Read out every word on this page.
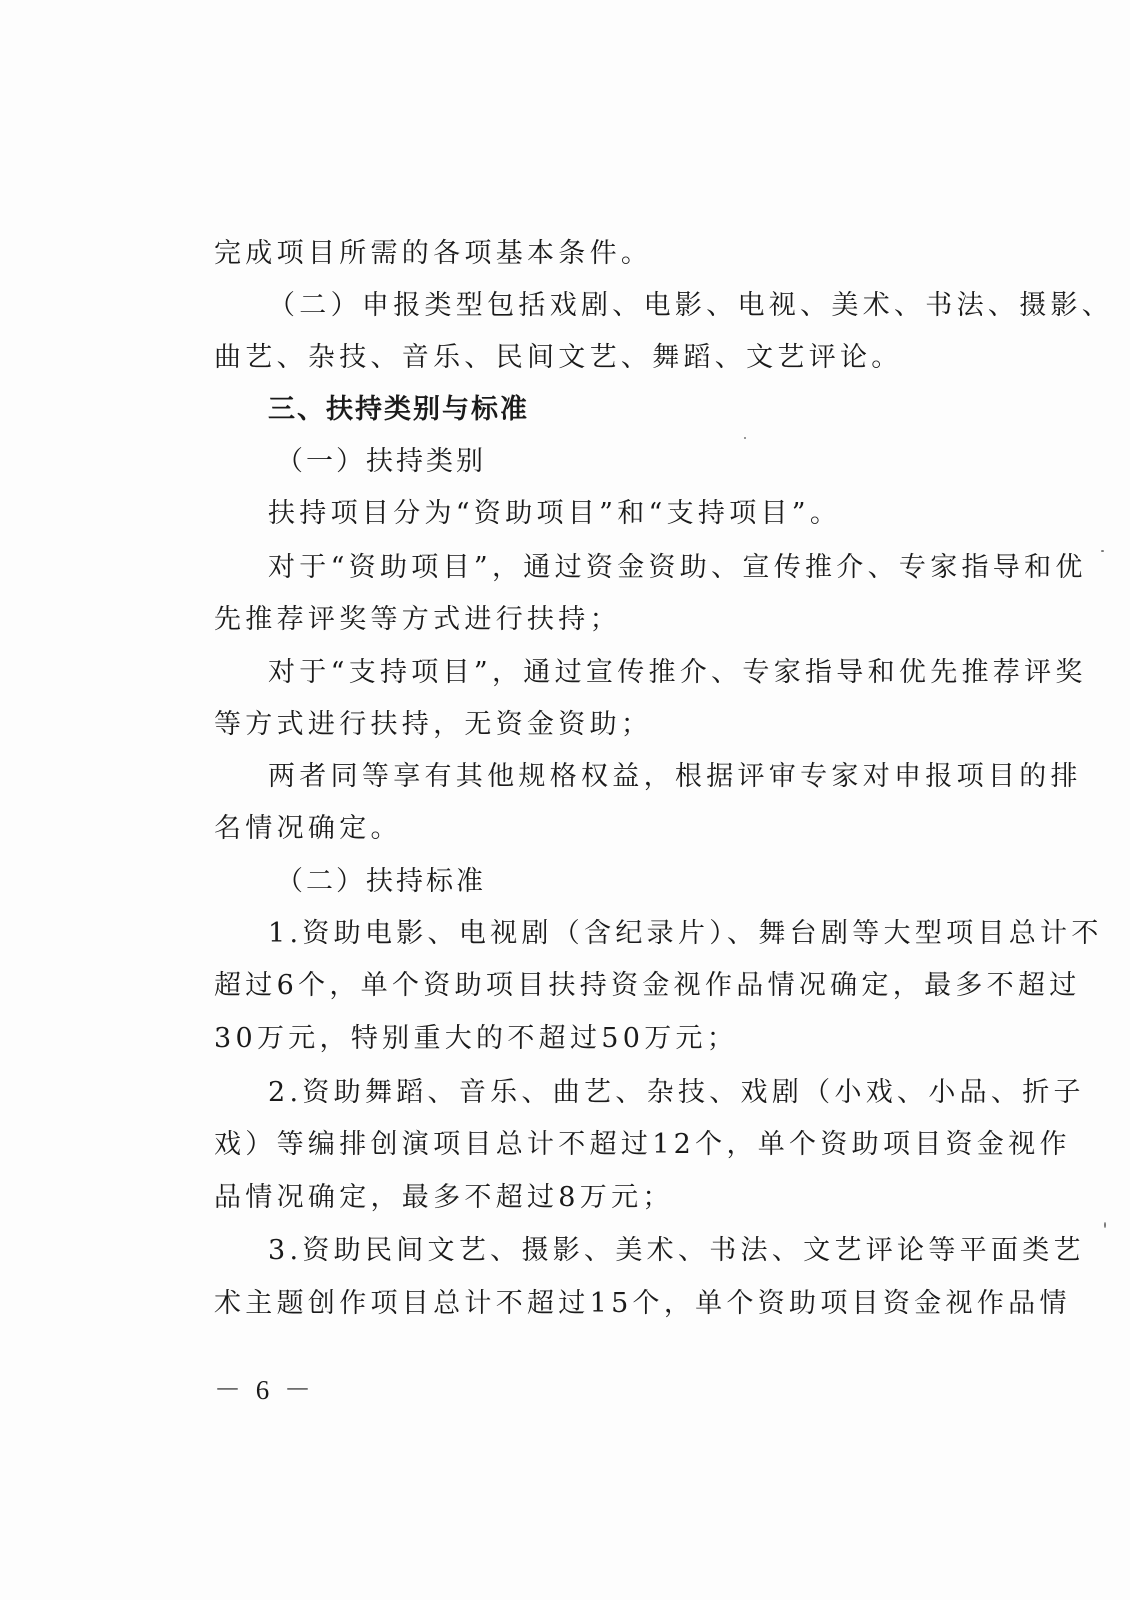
完成项目所需的各项基本条件。
（二）申报类型包括戏剧、电影、电视、美术、书法、摄影、
曲艺、杂技、音乐、民间文艺、舞蹈、文艺评论。
三、扶持类别与标准
（一）扶持类别
扶持项目分为“资助项目”和“支持项目”。
对于“资助项目”，通过资金资助、宣传推介、专家指导和优
先推荐评奖等方式进行扶持；
对于“支持项目”，通过宣传推介、专家指导和优先推荐评奖
等方式进行扶持，无资金资助；
两者同等享有其他规格权益，根据评审专家对申报项目的排
名情况确定。
（二）扶持标准
1.资助电影、电视剧（含纪录片）、舞台剧等大型项目总计不
超过6个，单个资助项目扶持资金视作品情况确定，最多不超过
30万元，特别重大的不超过50万元；
2.资助舞蹈、音乐、曲艺、杂技、戏剧（小戏、小品、折子
戏）等编排创演项目总计不超过12个，单个资助项目资金视作
品情况确定，最多不超过8万元；
3.资助民间文艺、摄影、美术、书法、文艺评论等平面类艺
术主题创作项目总计不超过15个，单个资助项目资金视作品情
－ 6 －
